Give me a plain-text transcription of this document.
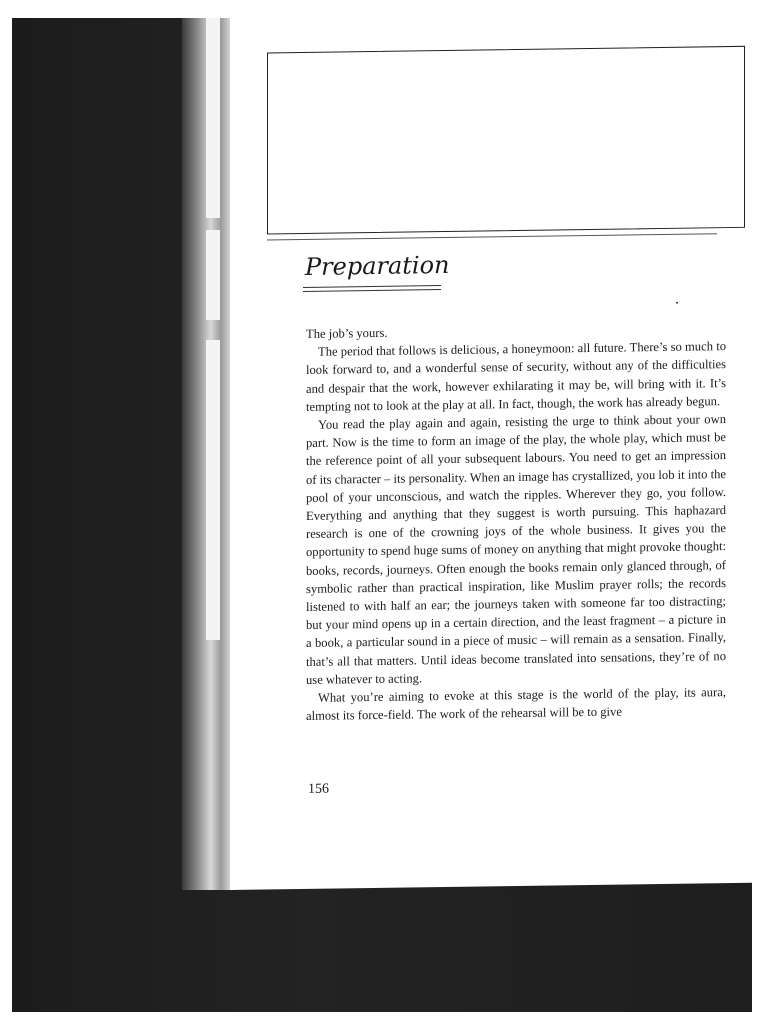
Preparation

The job’s yours.

The period that follows is delicious, a honeymoon: all future. There’s so much to look forward to, and a wonderful sense of security, without any of the difficulties and despair that the work, however exhilarating it may be, will bring with it. It’s tempting not to look at the play at all. In fact, though, the work has already begun.

You read the play again and again, resisting the urge to think about your own part. Now is the time to form an image of the play, the whole play, which must be the reference point of all your subsequent labours. You need to get an impression of its character – its personality. When an image has crystallized, you lob it into the pool of your unconscious, and watch the ripples. Wherever they go, you follow. Everything and anything that they suggest is worth pursuing. This haphazard research is one of the crowning joys of the whole business. It gives you the opportunity to spend huge sums of money on anything that might provoke thought: books, records, journeys. Often enough the books remain only glanced through, of symbolic rather than practical inspiration, like Muslim prayer rolls; the records listened to with half an ear; the journeys taken with someone far too distracting; but your mind opens up in a certain direction, and the least fragment – a picture in a book, a particular sound in a piece of music – will remain as a sensation. Finally, that’s all that matters. Until ideas become translated into sensations, they’re of no use whatever to acting.

What you’re aiming to evoke at this stage is the world of the play, its aura, almost its force-field. The work of the rehearsal will be to give

156
